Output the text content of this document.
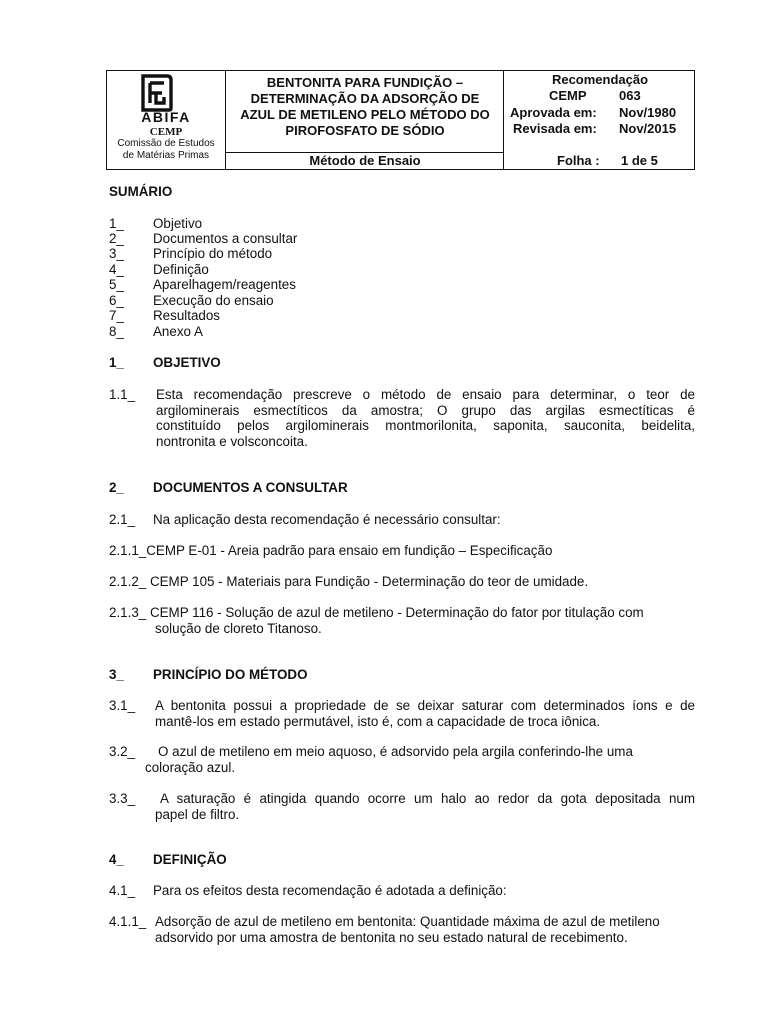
ABIFA
CEMP
Comissão de Estudos
de Matérias Primas
BENTONITA PARA FUNDIÇÃO –
DETERMINAÇÃO DA ADSORÇÃO DE
AZUL DE METILENO PELO MÉTODO DO
PIROFOSFATO DE SÓDIO
Método de Ensaio
Recomendação
CEMP 063
Aprovada em: Nov/1980
Revisada em: Nov/2015
Folha : 1 de 5
SUMÁRIO
1_ Objetivo
2_ Documentos a consultar
3_ Princípio do método
4_ Definição
5_ Aparelhagem/reagentes
6_ Execução do ensaio
7_ Resultados
8_ Anexo A
1_ OBJETIVO
1.1_ Esta recomendação prescreve o método de ensaio para determinar, o teor de
argilominerais esmectíticos da amostra; O grupo das argilas esmectíticas é
constituído pelos argilominerais montmorilonita, saponita, sauconita, beidelita,
nontronita e volsconcoita.
2_ DOCUMENTOS A CONSULTAR
2.1_ Na aplicação desta recomendação é necessário consultar:
2.1.1_CEMP E-01 - Areia padrão para ensaio em fundição – Especificação
2.1.2_ CEMP 105 - Materiais para Fundição - Determinação do teor de umidade.
2.1.3_ CEMP 116 - Solução de azul de metileno - Determinação do fator por titulação com
solução de cloreto Titanoso.
3_ PRINCÍPIO DO MÉTODO
3.1_ A bentonita possui a propriedade de se deixar saturar com determinados íons e de
mantê-los em estado permutável, isto é, com a capacidade de troca iônica.
3.2_ O azul de metileno em meio aquoso, é adsorvido pela argila conferindo-lhe uma
coloração azul.
3.3_ A saturação é atingida quando ocorre um halo ao redor da gota depositada num
papel de filtro.
4_ DEFINIÇÃO
4.1_ Para os efeitos desta recomendação é adotada a definição:
4.1.1_ Adsorção de azul de metileno em bentonita: Quantidade máxima de azul de metileno
adsorvido por uma amostra de bentonita no seu estado natural de recebimento.
